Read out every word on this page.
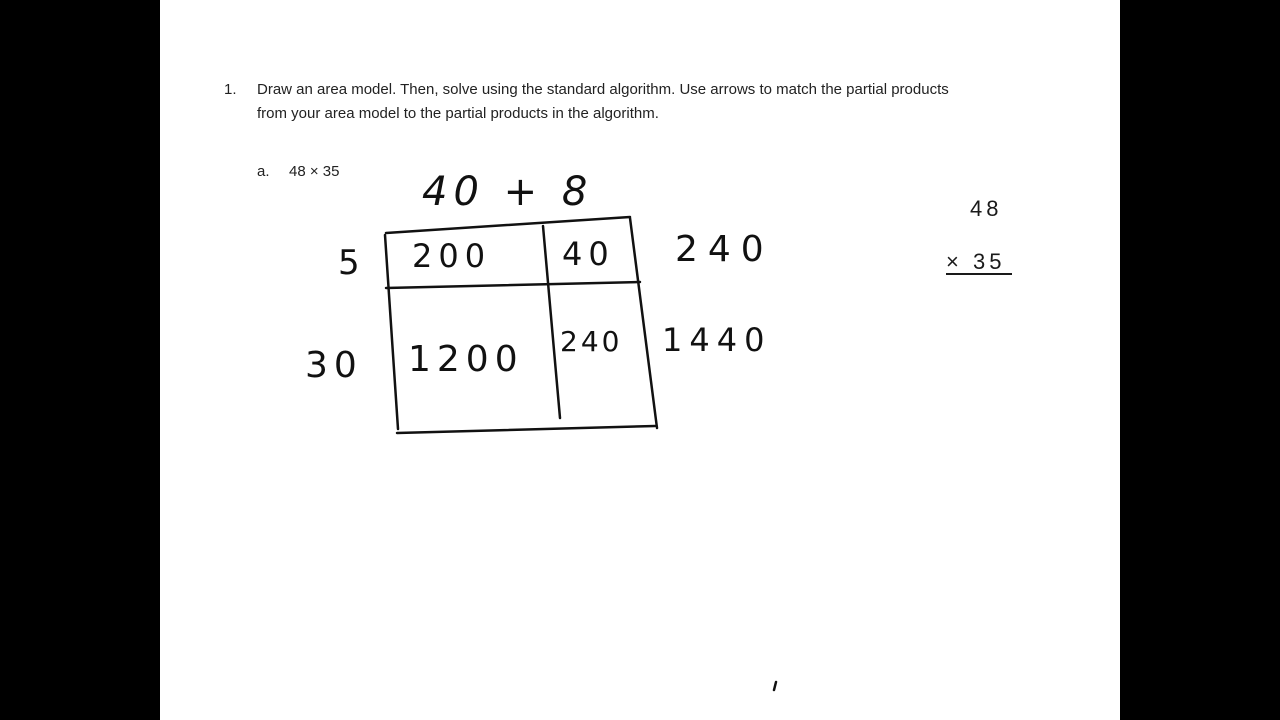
1. Draw an area model. Then, solve using the standard algorithm. Use arrows to match the partial products
from your area model to the partial products in the algorithm.
a. 48 × 35 40 + 8
5
30
200 40
1200 240
240
1440
48
× 35
